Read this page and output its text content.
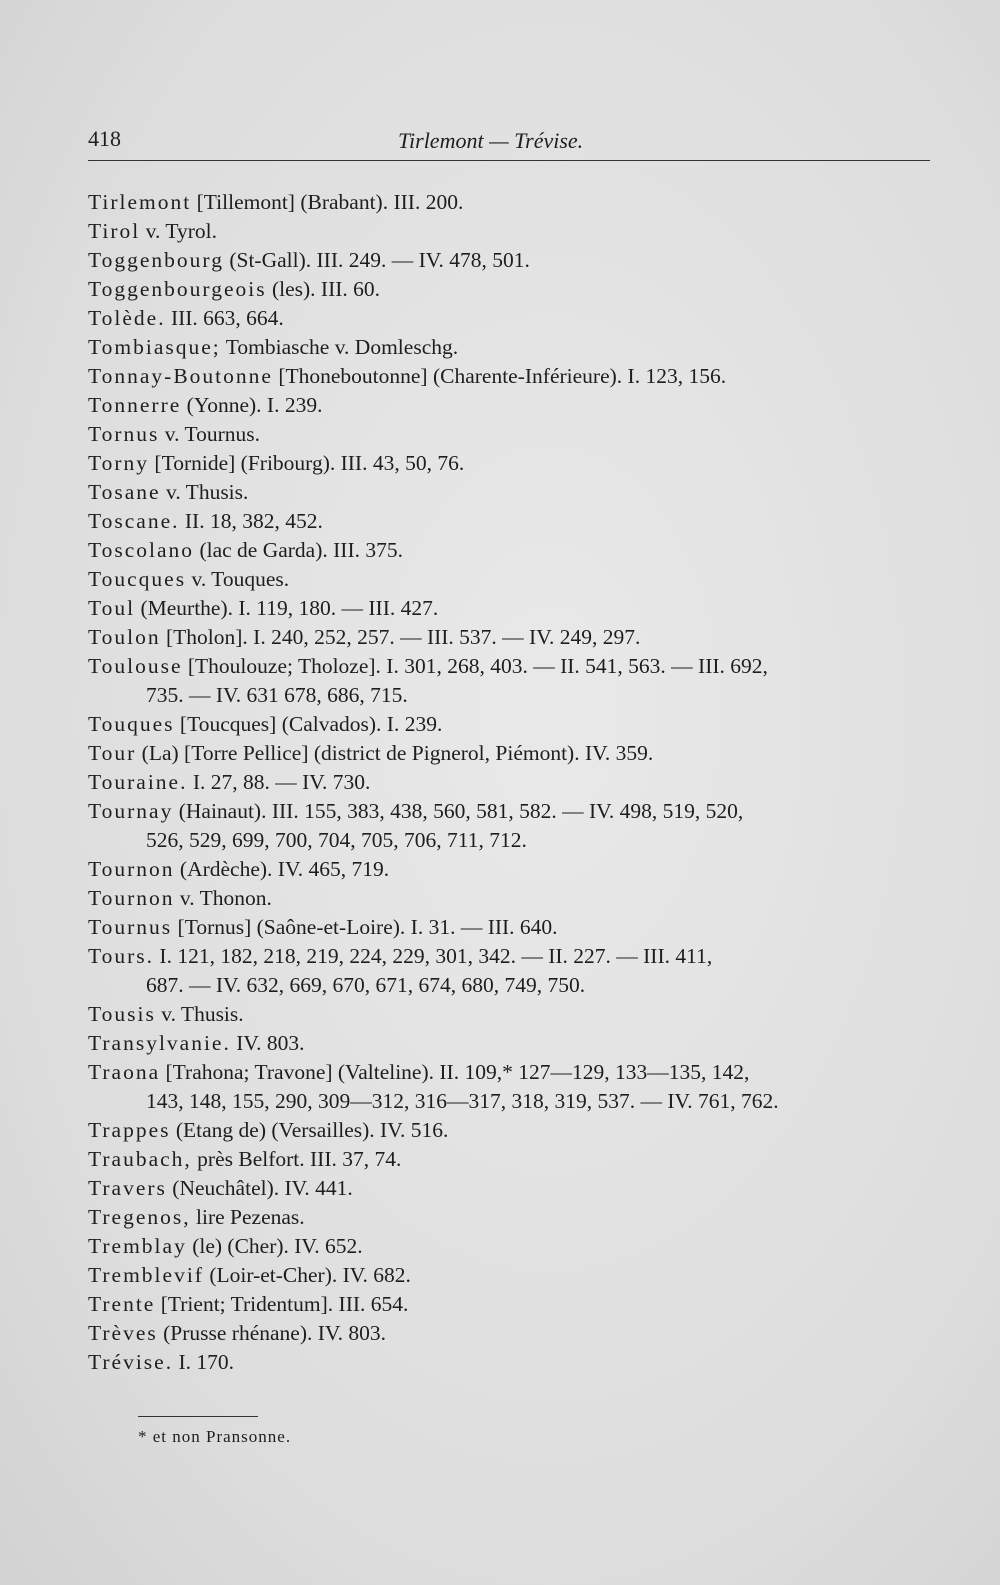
418	Tirlemont — Trévise.
Tirlemont [Tillemont] (Brabant). III. 200.
Tirol v. Tyrol.
Toggenbourg (St-Gall). III. 249. — IV. 478, 501.
Toggenbourgeois (les). III. 60.
Tolède. III. 663, 664.
Tombiasque; Tombiasche v. Domleschg.
Tonnay-Boutonne [Thoneboutonne] (Charente-Inférieure). I. 123, 156.
Tonnerre (Yonne). I. 239.
Tornus v. Tournus.
Torny [Tornide] (Fribourg). III. 43, 50, 76.
Tosane v. Thusis.
Toscane. II. 18, 382, 452.
Toscolano (lac de Garda). III. 375.
Toucques v. Touques.
Toul (Meurthe). I. 119, 180. — III. 427.
Toulon [Tholon]. I. 240, 252, 257. — III. 537. — IV. 249, 297.
Toulouse [Thoulouze; Tholoze]. I. 301, 268, 403. — II. 541, 563. — III. 692,
735. — IV. 631 678, 686, 715.
Touques [Toucques] (Calvados). I. 239.
Tour (La) [Torre Pellice] (district de Pignerol, Piémont). IV. 359.
Touraine. I. 27, 88. — IV. 730.
Tournay (Hainaut). III. 155, 383, 438, 560, 581, 582. — IV. 498, 519, 520,
526, 529, 699, 700, 704, 705, 706, 711, 712.
Tournon (Ardèche). IV. 465, 719.
Tournon v. Thonon.
Tournus [Tornus] (Saône-et-Loire). I. 31. — III. 640.
Tours. I. 121, 182, 218, 219, 224, 229, 301, 342. — II. 227. — III. 411,
687. — IV. 632, 669, 670, 671, 674, 680, 749, 750.
Tousis v. Thusis.
Transylvanie. IV. 803.
Traona [Trahona; Travone] (Valteline). II. 109,* 127—129, 133—135, 142,
143, 148, 155, 290, 309—312, 316—317, 318, 319, 537. — IV. 761, 762.
Trappes (Etang de) (Versailles). IV. 516.
Traubach, près Belfort. III. 37, 74.
Travers (Neuchâtel). IV. 441.
Tregenos, lire Pezenas.
Tremblay (le) (Cher). IV. 652.
Tremblevif (Loir-et-Cher). IV. 682.
Trente [Trient; Tridentum]. III. 654.
Trèves (Prusse rhénane). IV. 803.
Trévise. I. 170.
* et non Pransonne.
